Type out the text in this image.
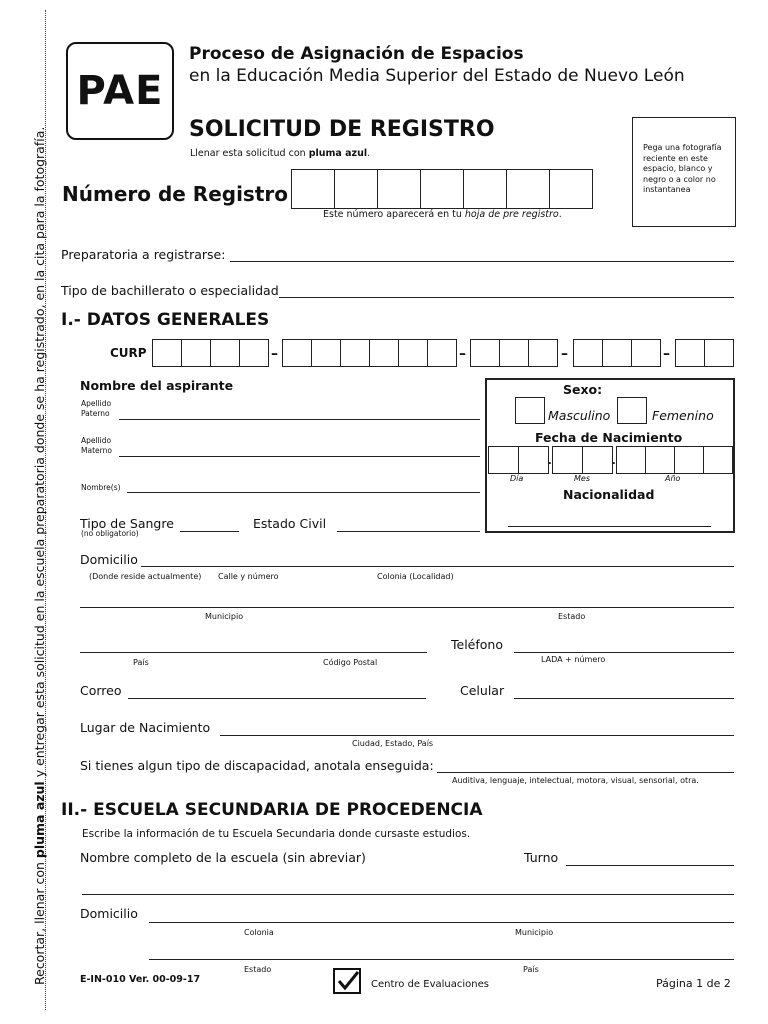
Recortar, llenar con pluma azul y entregar esta solicitud en la escuela preparatoria donde se ha registrado, en la cita para la fotografía.
PAE
Proceso de Asignación de Espacios
en la Educación Media Superior del Estado de Nuevo León
SOLICITUD DE REGISTRO
Llenar esta solicitud con pluma azul.
Pega una fotografía reciente en este espacio, blanco y negro o a color no instantanea
Número de Registro
Este número aparecerá en tu hoja de pre registro.
Preparatoria a registrarse:
Tipo de bachillerato o especialidad
I.- DATOS GENERALES
CURP	–	–	–	–
Nombre del aspirante
Apellido Paterno
Apellido Materno
Nombre(s)
Sexo:
Masculino	Femenino
Fecha de Nacimiento
.	.
Día	Mes	Año
Nacionalidad
Tipo de Sangre
(no obligatorio)
Estado Civil
Domicilio
(Donde reside actualmente) Calle y número	Colonia (Localidad)
Municipio	Estado
País	Código Postal
Teléfono
LADA + número
Correo	Celular
Lugar de Nacimiento
Ciudad, Estado, País
Si tienes algun tipo de discapacidad, anotala enseguida:
Auditiva, lenguaje, intelectual, motora, visual, sensorial, otra.
II.- ESCUELA SECUNDARIA DE PROCEDENCIA
Escribe la información de tu Escuela Secundaria donde cursaste estudios.
Nombre completo de la escuela (sin abreviar)	Turno
Domicilio
Colonia	Municipio
Estado	País
E-IN-010 Ver. 00-09-17	Centro de Evaluaciones	Página 1 de 2
